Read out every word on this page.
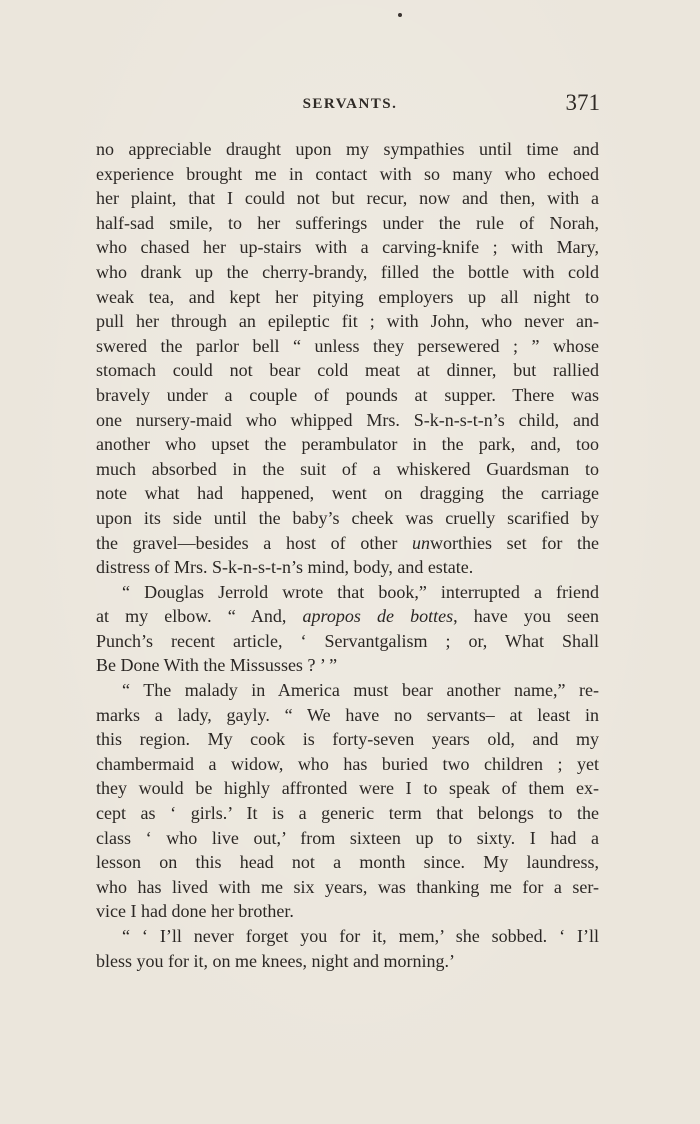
SERVANTS.	371
no appreciable draught upon my sympathies until time and
experience brought me in contact with so many who echoed
her plaint, that I could not but recur, now and then, with a
half-sad smile, to her sufferings under the rule of Norah,
who chased her up-stairs with a carving-knife ; with Mary,
who drank up the cherry-brandy, filled the bottle with cold
weak tea, and kept her pitying employers up all night to
pull her through an epileptic fit ; with John, who never an-
swered the parlor bell “ unless they persewered ; ” whose
stomach could not bear cold meat at dinner, but rallied
bravely under a couple of pounds at supper. There was
one nursery-maid who whipped Mrs. S-k-n-s-t-n’s child, and
another who upset the perambulator in the park, and, too
much absorbed in the suit of a whiskered Guardsman to
note what had happened, went on dragging the carriage
upon its side until the baby’s cheek was cruelly scarified by
the gravel—besides a host of other unworthies set for the
distress of Mrs. S-k-n-s-t-n’s mind, body, and estate.
“ Douglas Jerrold wrote that book,” interrupted a friend
at my elbow. “ And, apropos de bottes, have you seen
Punch’s recent article, ‘ Servantgalism ; or, What Shall
Be Done With the Missusses ? ’ ”
“ The malady in America must bear another name,” re-
marks a lady, gayly. “ We have no servants– at least in
this region. My cook is forty-seven years old, and my
chambermaid a widow, who has buried two children ; yet
they would be highly affronted were I to speak of them ex-
cept as ‘ girls.’ It is a generic term that belongs to the
class ‘ who live out,’ from sixteen up to sixty. I had a
lesson on this head not a month since. My laundress,
who has lived with me six years, was thanking me for a ser-
vice I had done her brother.
“ ‘ I’ll never forget you for it, mem,’ she sobbed. ‘ I’ll
bless you for it, on me knees, night and morning.’
